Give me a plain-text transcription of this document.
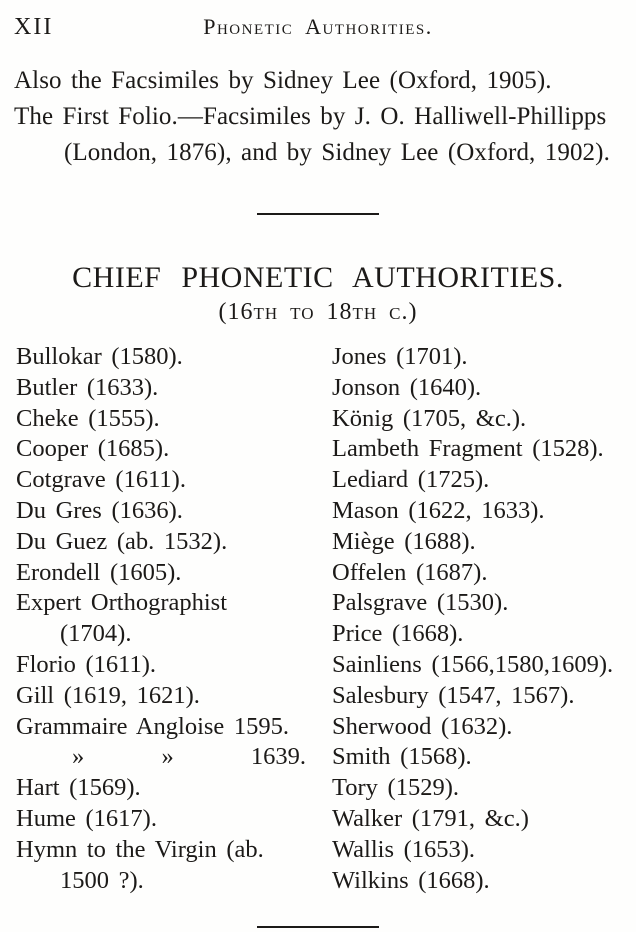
XII	Phonetic Authorities.

Also the Facsimiles by Sidney Lee (Oxford, 1905).

The First Folio.—Facsimiles by J. O. Halliwell-Phillipps

(London, 1876), and by Sidney Lee (Oxford, 1902).

CHIEF PHONETIC AUTHORITIES.
(16th to 18th c.)
Bullokar (1580).
Butler (1633).
Cheke (1555).
Cooper (1685).
Cotgrave (1611).
Du Gres (1636).
Du Guez (ab. 1532).
Erondell (1605).
Expert Orthographist
(1704).
Florio (1611).
Gill (1619, 1621).
Grammaire Angloise 1595.
»	»	1639.
Hart (1569).
Hume (1617).
Hymn to the Virgin (ab.
1500 ?).
Jones (1701).
Jonson (1640).
König (1705, &c.).
Lambeth Fragment (1528).
Lediard (1725).
Mason (1622, 1633).
Miège (1688).
Offelen (1687).
Palsgrave (1530).
Price (1668).
Sainliens (1566,1580,1609).
Salesbury (1547, 1567).
Sherwood (1632).
Smith (1568).
Tory (1529).
Walker (1791, &c.)
Wallis (1653).
Wilkins (1668).
